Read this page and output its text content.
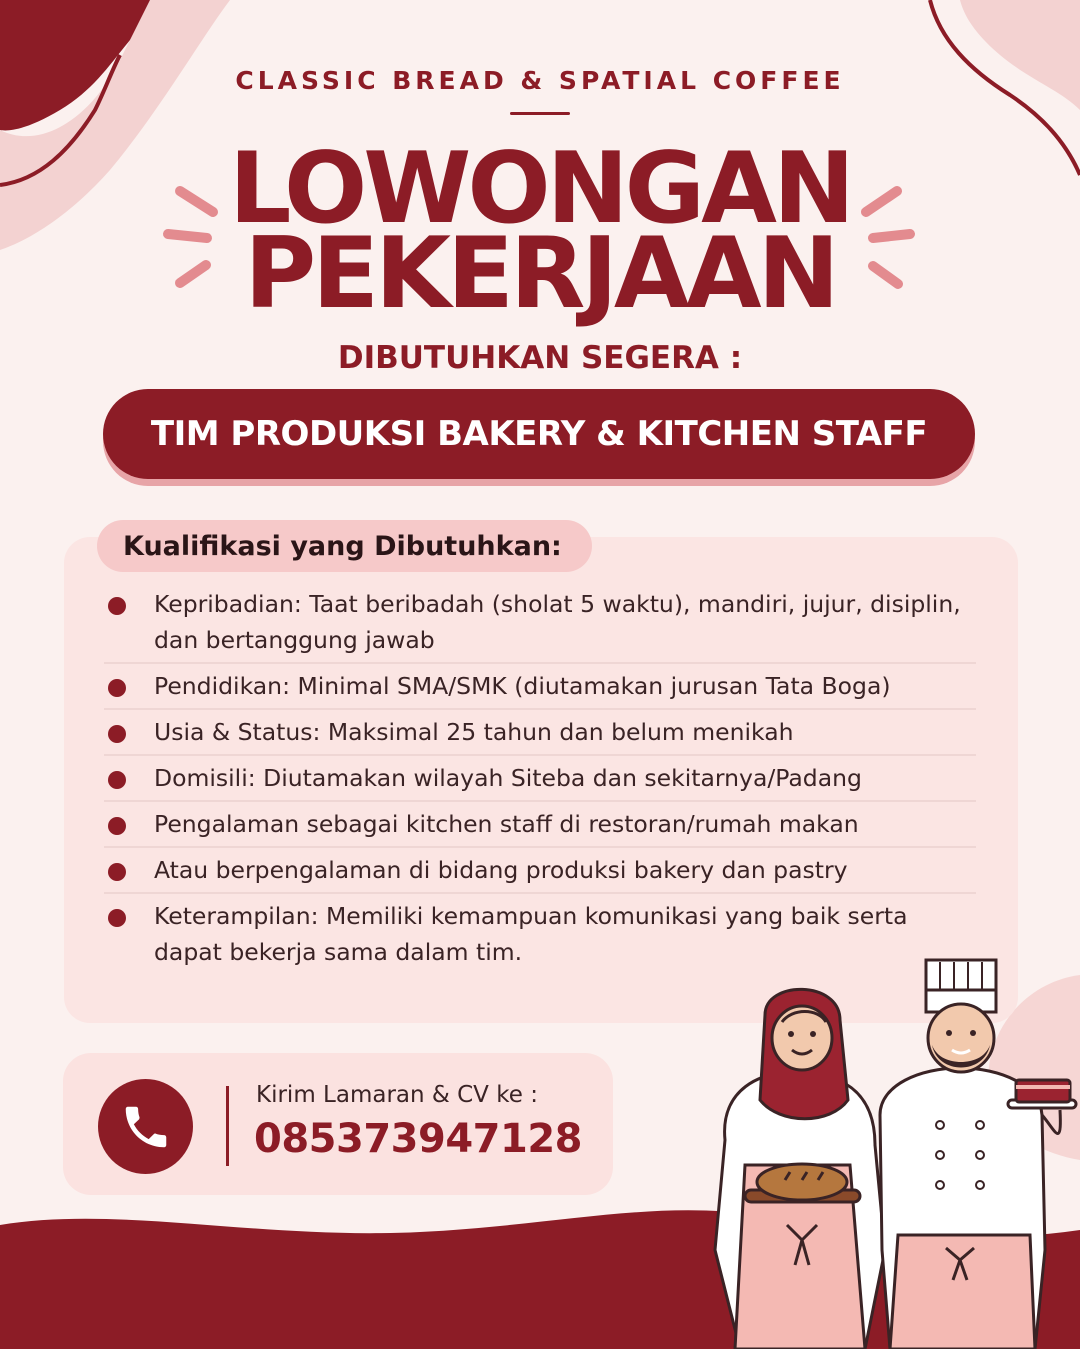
CLASSIC BREAD & SPATIAL COFFEE
LOWONGAN
PEKERJAAN
DIBUTUHKAN SEGERA :
TIM PRODUKSI BAKERY & KITCHEN STAFF
Kualifikasi yang Dibutuhkan:
Kepribadian: Taat beribadah (sholat 5 waktu), mandiri, jujur, disiplin, dan bertanggung jawab
Pendidikan: Minimal SMA/SMK (diutamakan jurusan Tata Boga)
Usia & Status: Maksimal 25 tahun dan belum menikah
Domisili: Diutamakan wilayah Siteba dan sekitarnya/Padang
Pengalaman sebagai kitchen staff di restoran/rumah makan
Atau berpengalaman di bidang produksi bakery dan pastry
Keterampilan: Memiliki kemampuan komunikasi yang baik serta dapat bekerja sama dalam tim.
Kirim Lamaran & CV ke :
085373947128
